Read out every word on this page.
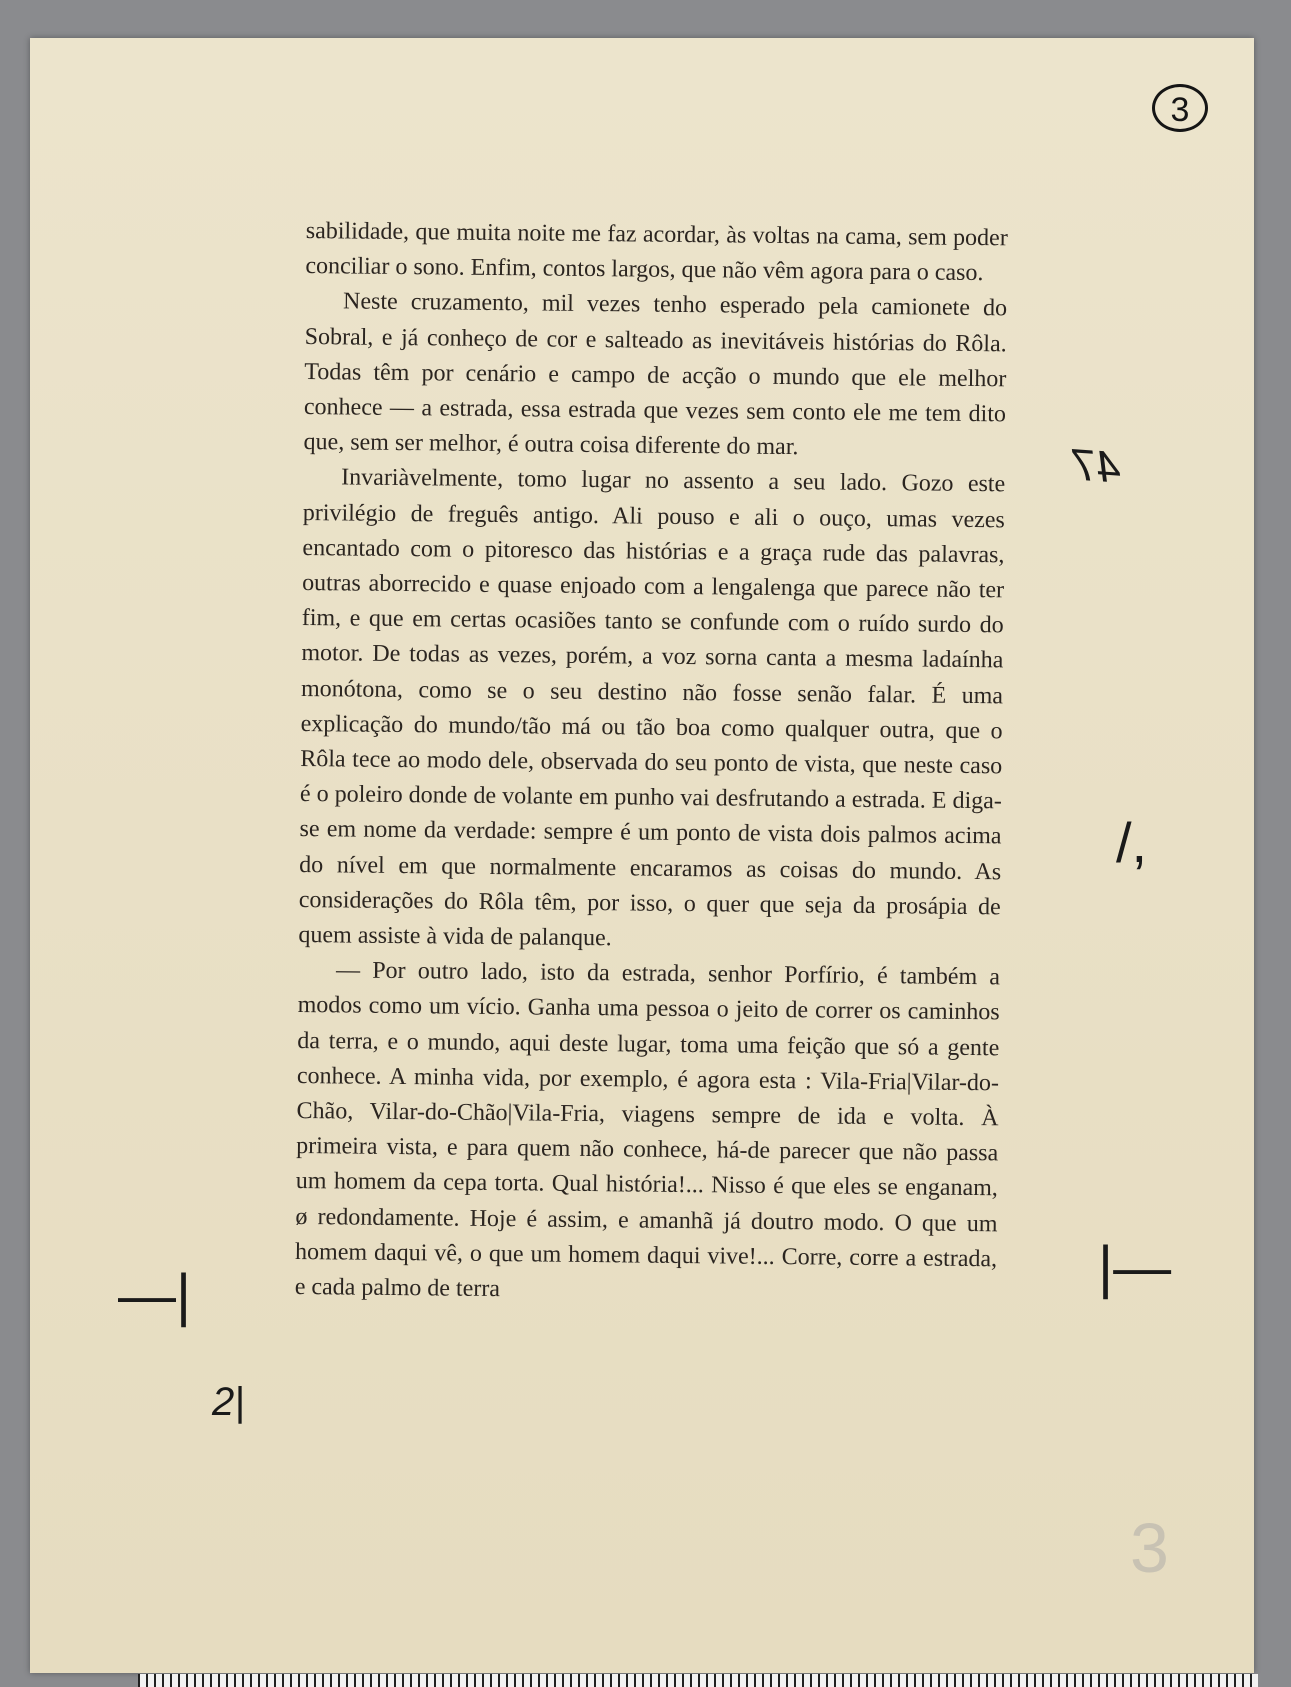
3

sabilidade, que muita noite me faz acordar, às voltas na cama, sem poder conciliar o sono. Enfim, contos largos, que não vêm agora para o caso.

Neste cruzamento, mil vezes tenho esperado pela camionete do Sobral, e já conheço de cor e salteado as inevitáveis histórias do Rôla. Todas têm por cenário e campo de acção o mundo que ele melhor conhece — a estrada, essa estrada que vezes sem conto ele me tem dito que, sem ser melhor, é outra coisa diferente do mar.

Invariàvelmente, tomo lugar no assento a seu lado. Gozo este privilégio de freguês antigo. Ali pouso e ali o ouço, umas vezes encantado com o pitoresco das histórias e a graça rude das palavras, outras aborrecido e quase enjoado com a lengalenga que parece não ter fim, e que em certas ocasiões tanto se confunde com o ruído surdo do motor. De todas as vezes, porém, a voz sorna canta a mesma ladaínha monótona, como se o seu destino não fosse senão falar. É uma explicação do mundo/tão má ou tão boa como qualquer outra, que o Rôla tece ao modo dele, observada do seu ponto de vista, que neste caso é o poleiro donde de volante em punho vai desfrutando a estrada. E diga-se em nome da verdade: sempre é um ponto de vista dois palmos acima do nível em que normalmente encaramos as coisas do mundo. As considerações do Rôla têm, por isso, o quer que seja da prosápia de quem assiste à vida de palanque.

— Por outro lado, isto da estrada, senhor Porfírio, é também a modos como um vício. Ganha uma pessoa o jeito de correr os caminhos da terra, e o mundo, aqui deste lugar, toma uma feição que só a gente conhece. A minha vida, por exemplo, é agora esta : Vila-Fria|Vilar-do-Chão, Vilar-do-Chão|Vila-Fria, viagens sempre de ida e volta. À primeira vista, e para quem não conhece, há-de parecer que não passa um homem da cepa torta. Qual história!... Nisso é que eles se enganam, ø redondamente. Hoje é assim, e amanhã já doutro modo. O que um homem daqui vê, o que um homem daqui vive!... Corre, corre a estrada, e cada palmo de terra

47
/,
|—
—|
2|
3
